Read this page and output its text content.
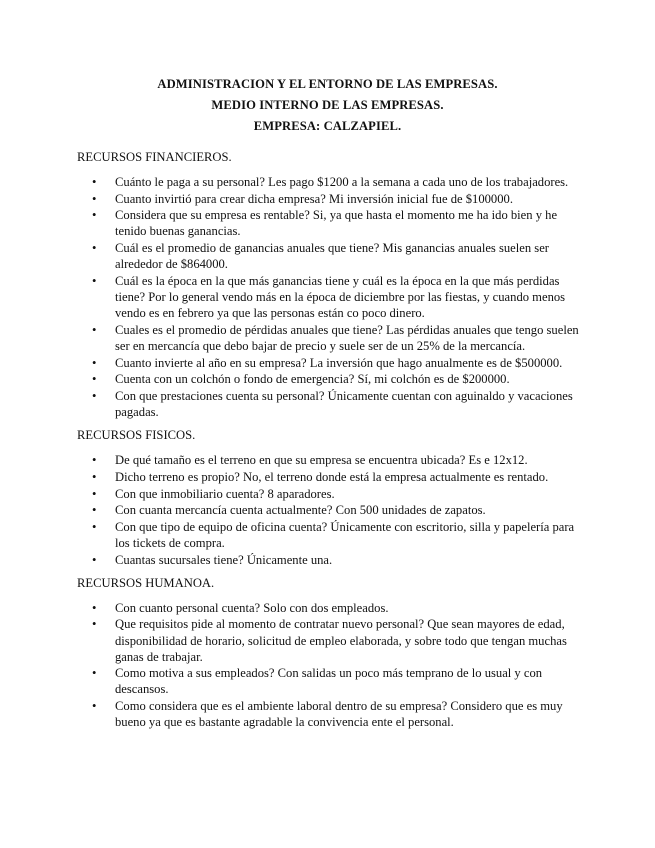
ADMINISTRACION Y EL ENTORNO DE LAS EMPRESAS.

MEDIO INTERNO DE LAS EMPRESAS.

EMPRESA: CALZAPIEL.

RECURSOS FINANCIEROS.

•	Cuánto le paga a su personal? Les pago $1200 a la semana a cada uno de los trabajadores.
•	Cuanto invirtió para crear dicha empresa? Mi inversión inicial fue de $100000.
•	Considera que su empresa es rentable? Si, ya que hasta el momento me ha ido bien y he tenido buenas ganancias.
•	Cuál es el promedio de ganancias anuales que tiene? Mis ganancias anuales suelen ser alrededor de $864000.
•	Cuál es la época en la que más ganancias tiene y cuál es la época en la que más perdidas tiene? Por lo general vendo más en la época de diciembre por las fiestas, y cuando menos vendo es en febrero ya que las personas están co poco dinero.
•	Cuales es el promedio de pérdidas anuales que tiene? Las pérdidas anuales que tengo suelen ser en mercancía que debo bajar de precio y suele ser de un 25% de la mercancía.
•	Cuanto invierte al año en su empresa? La inversión que hago anualmente es de $500000.
•	Cuenta con un colchón o fondo de emergencia? Sí, mi colchón es de $200000.
•	Con que prestaciones cuenta su personal? Únicamente cuentan con aguinaldo y vacaciones pagadas.

RECURSOS FISICOS.

•	De qué tamaño es el terreno en que su empresa se encuentra ubicada? Es e 12x12.
•	Dicho terreno es propio? No, el terreno donde está la empresa actualmente es rentado.
•	Con que inmobiliario cuenta? 8 aparadores.
•	Con cuanta mercancía cuenta actualmente? Con 500 unidades de zapatos.
•	Con que tipo de equipo de oficina cuenta? Únicamente con escritorio, silla y papelería para los tickets de compra.
•	Cuantas sucursales tiene? Únicamente una.

RECURSOS HUMANOA.

•	Con cuanto personal cuenta? Solo con dos empleados.
•	Que requisitos pide al momento de contratar nuevo personal? Que sean mayores de edad, disponibilidad de horario, solicitud de empleo elaborada, y sobre todo que tengan muchas ganas de trabajar.
•	Como motiva a sus empleados? Con salidas un poco más temprano de lo usual y con descansos.
•	Como considera que es el ambiente laboral dentro de su empresa? Considero que es muy bueno ya que es bastante agradable la convivencia ente el personal.
